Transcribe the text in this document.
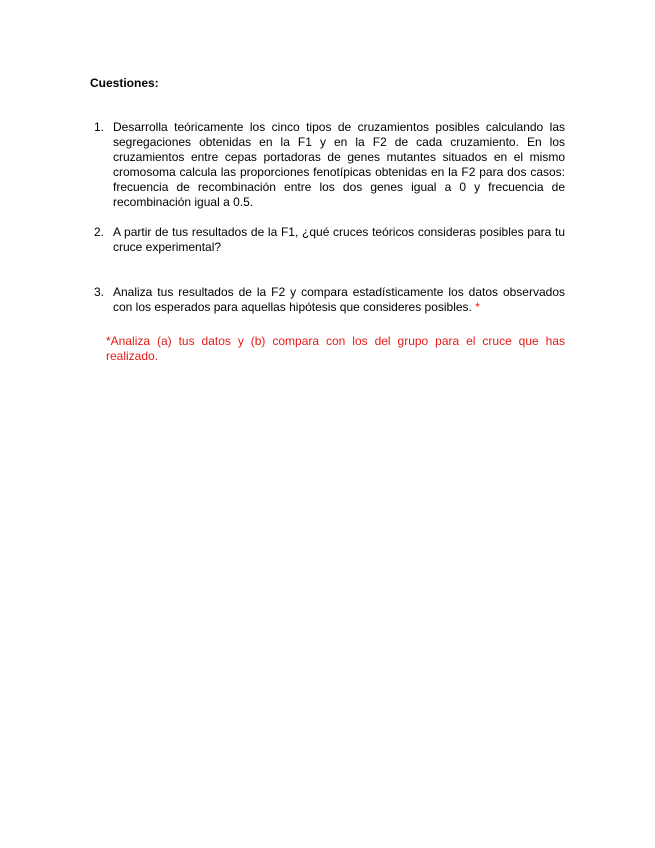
Cuestiones:
1. Desarrolla teóricamente los cinco tipos de cruzamientos posibles calculando las segregaciones obtenidas en la F1 y en la F2 de cada cruzamiento. En los cruzamientos entre cepas portadoras de genes mutantes situados en el mismo cromosoma calcula las proporciones fenotípicas obtenidas en la F2 para dos casos: frecuencia de recombinación entre los dos genes igual a 0 y frecuencia de recombinación igual a 0.5.
2. A partir de tus resultados de la F1, ¿qué cruces teóricos consideras posibles para tu cruce experimental?
3. Analiza tus resultados de la F2 y compara estadísticamente los datos observados con los esperados para aquellas hipótesis que consideres posibles. *
*Analiza (a) tus datos y (b) compara con los del grupo para el cruce que has realizado.
